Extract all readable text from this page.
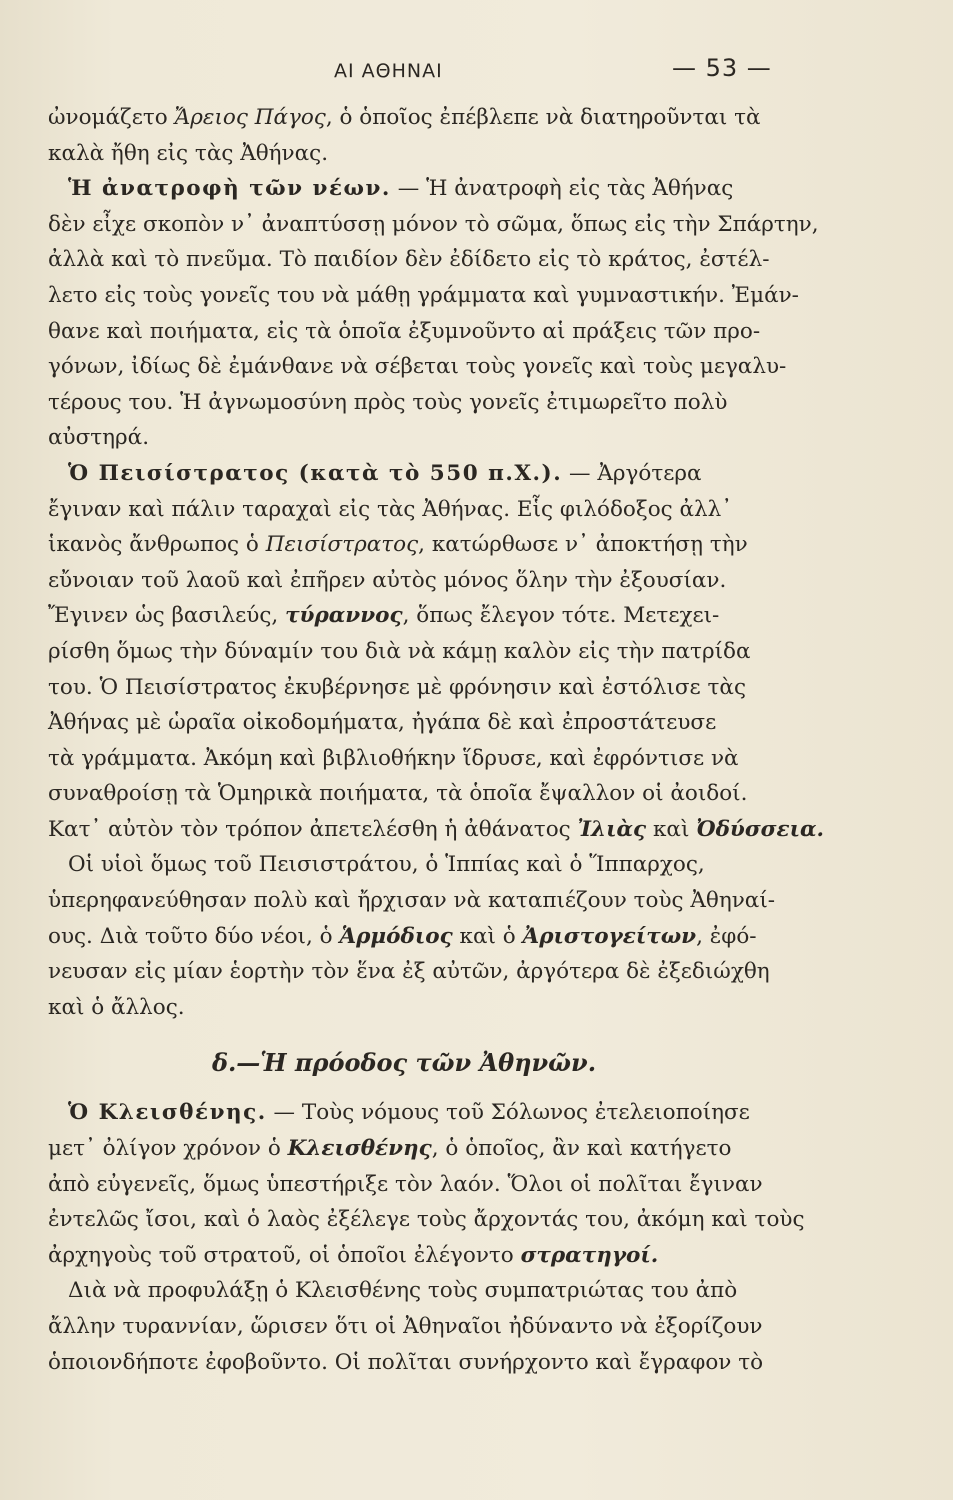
ΑΙ ΑΘΗΝΑΙ	— 53 —
ὠνομάζετο Ἄρειος Πάγος, ὁ ὁποῖος ἐπέβλεπε νὰ διατηροῦνται τὰ
καλὰ ἤθη εἰς τὰς Ἀθήνας.
Ἡ ἀνατροφὴ τῶν νέων. — Ἡ ἀνατροφὴ εἰς τὰς Ἀθήνας
δὲν εἶχε σκοπὸν ν᾽ ἀναπτύσσῃ μόνον τὸ σῶμα, ὅπως εἰς τὴν Σπάρτην,
ἀλλὰ καὶ τὸ πνεῦμα. Τὸ παιδίον δὲν ἐδίδετο εἰς τὸ κράτος, ἐστέλ-
λετο εἰς τοὺς γονεῖς του νὰ μάθῃ γράμματα καὶ γυμναστικήν. Ἐμάν-
θανε καὶ ποιήματα, εἰς τὰ ὁποῖα ἐξυμνοῦντο αἱ πράξεις τῶν προ-
γόνων, ἰδίως δὲ ἐμάνθανε νὰ σέβεται τοὺς γονεῖς καὶ τοὺς μεγαλυ-
τέρους του. Ἡ ἀγνωμοσύνη πρὸς τοὺς γονεῖς ἐτιμωρεῖτο πολὺ
αὐστηρά.
Ὁ Πεισίστρατος (κατὰ τὸ 550 π.Χ.). — Ἀργότερα
ἔγιναν καὶ πάλιν ταραχαὶ εἰς τὰς Ἀθήνας. Εἷς φιλόδοξος ἀλλ᾽
ἱκανὸς ἄνθρωπος ὁ Πεισίστρατος, κατώρθωσε ν᾽ ἀποκτήσῃ τὴν
εὔνοιαν τοῦ λαοῦ καὶ ἐπῆρεν αὐτὸς μόνος ὅλην τὴν ἐξουσίαν.
Ἔγινεν ὡς βασιλεύς, τύραννος, ὅπως ἔλεγον τότε. Μετεχει-
ρίσθη ὅμως τὴν δύναμίν του διὰ νὰ κάμῃ καλὸν εἰς τὴν πατρίδα
του. Ὁ Πεισίστρατος ἐκυβέρνησε μὲ φρόνησιν καὶ ἐστόλισε τὰς
Ἀθήνας μὲ ὡραῖα οἰκοδομήματα, ἠγάπα δὲ καὶ ἐπροστάτευσε
τὰ γράμματα. Ἀκόμη καὶ βιβλιοθήκην ἵδρυσε, καὶ ἐφρόντισε νὰ
συναθροίσῃ τὰ Ὁμηρικὰ ποιήματα, τὰ ὁποῖα ἔψαλλον οἱ ἀοιδοί.
Κατ᾽ αὐτὸν τὸν τρόπον ἀπετελέσθη ἡ ἀθάνατος Ἰλιὰς καὶ Ὀδύσσεια.
Οἱ υἱοὶ ὅμως τοῦ Πεισιστράτου, ὁ Ἱππίας καὶ ὁ Ἵππαρχος,
ὑπερηφανεύθησαν πολὺ καὶ ἤρχισαν νὰ καταπιέζουν τοὺς Ἀθηναί-
ους. Διὰ τοῦτο δύο νέοι, ὁ Ἁρμόδιος καὶ ὁ Ἀριστογείτων, ἐφό-
νευσαν εἰς μίαν ἑορτὴν τὸν ἕνα ἐξ αὐτῶν, ἀργότερα δὲ ἐξεδιώχθη
καὶ ὁ ἄλλος.
δ.—Ἡ πρόοδος τῶν Ἀθηνῶν.
Ὁ Κλεισθένης. — Τοὺς νόμους τοῦ Σόλωνος ἐτελειοποίησε
μετ᾽ ὀλίγον χρόνον ὁ Κλεισθένης, ὁ ὁποῖος, ἂν καὶ κατήγετο
ἀπὸ εὐγενεῖς, ὅμως ὑπεστήριξε τὸν λαόν. Ὅλοι οἱ πολῖται ἔγιναν
ἐντελῶς ἴσοι, καὶ ὁ λαὸς ἐξέλεγε τοὺς ἄρχοντάς του, ἀκόμη καὶ τοὺς
ἀρχηγοὺς τοῦ στρατοῦ, οἱ ὁποῖοι ἐλέγοντο στρατηγοί.
Διὰ νὰ προφυλάξῃ ὁ Κλεισθένης τοὺς συμπατριώτας του ἀπὸ
ἄλλην τυραννίαν, ὥρισεν ὅτι οἱ Ἀθηναῖοι ἠδύναντο νὰ ἐξορίζουν
ὁποιονδήποτε ἐφοβοῦντο. Οἱ πολῖται συνήρχοντο καὶ ἔγραφον τὸ
